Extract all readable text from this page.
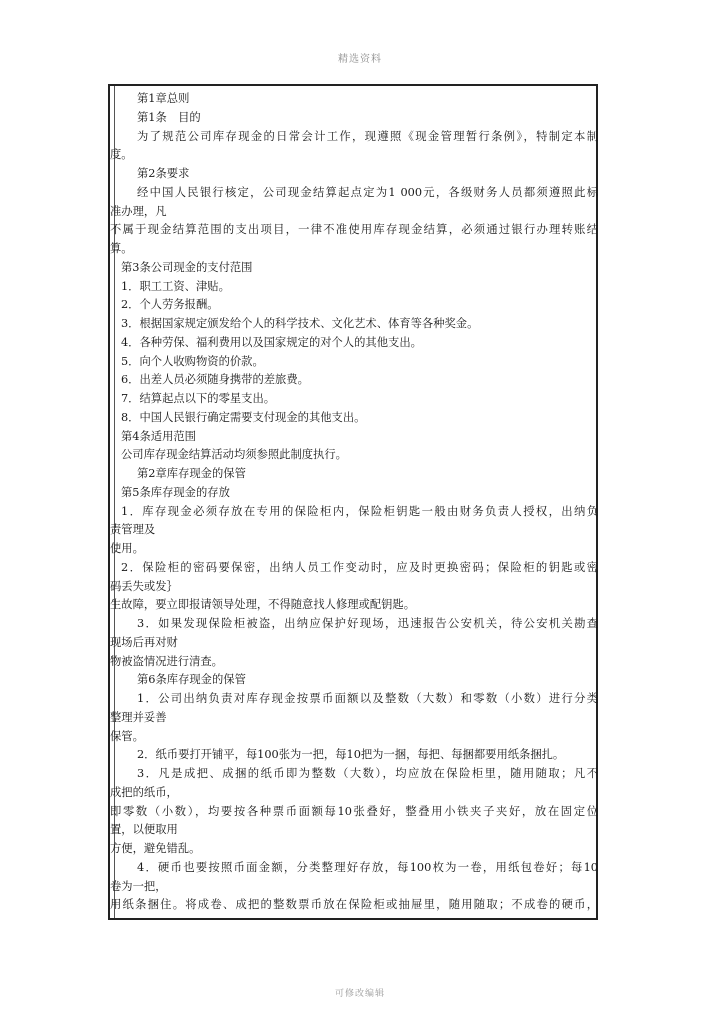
精选资料
第1章总则
第1条　目的
为了规范公司库存现金的日常会计工作，现遵照《现金管理暂行条例》，特制定本制
度。
第2条要求
经中国人民银行核定，公司现金结算起点定为1 000元，各级财务人员都须遵照此标
准办理，凡
不属于现金结算范围的支出项目，一律不准使用库存现金结算，必须通过银行办理转账结
算。
第3条公司现金的支付范围
1．职工工资、津贴。
2．个人劳务报酬。
3．根据国家规定颁发给个人的科学技术、文化艺术、体育等各种奖金。
4．各种劳保、福利费用以及国家规定的对个人的其他支出。
5．向个人收购物资的价款。
6．出差人员必须随身携带的差旅费。
7．结算起点以下的零星支出。
8．中国人民银行确定需要支付现金的其他支出。
第4条适用范围
公司库存现金结算活动均须参照此制度执行。
第2章库存现金的保管
第5条库存现金的存放
1．库存现金必须存放在专用的保险柜内，保险柜钥匙一般由财务负责人授权，出纳负
责管理及
使用。
2．保险柜的密码要保密，出纳人员工作变动时，应及时更换密码；保险柜的钥匙或密
码丢失或发｝
生故障，要立即报请领导处理，不得随意找人修理或配钥匙。
3．如果发现保险柜被盗，出纳应保护好现场，迅速报告公安机关，待公安机关勘查
现场后再对财
物被盗情况进行清查。
第6条库存现金的保管
1．公司出纳负责对库存现金按票币面额以及整数（大数）和零数（小数）进行分类
整理并妥善
保管。
2．纸币要打开铺平，每100张为一把，每10把为一捆，每把、每捆都要用纸条捆扎。
3．凡是成把、成捆的纸币即为整数（大数），均应放在保险柜里，随用随取；凡不
成把的纸币，
即零数（小数），均要按各种票币面额每10张叠好，整叠用小铁夹子夹好，放在固定位
置，以便取用
方便，避免错乱。
4．硬币也要按照币面金额，分类整理好存放，每100枚为一卷，用纸包卷好；每10
卷为一把，
用纸条捆住。将成卷、成把的整数票币放在保险柜或抽屉里，随用随取；不成卷的硬币，
可修改编辑
